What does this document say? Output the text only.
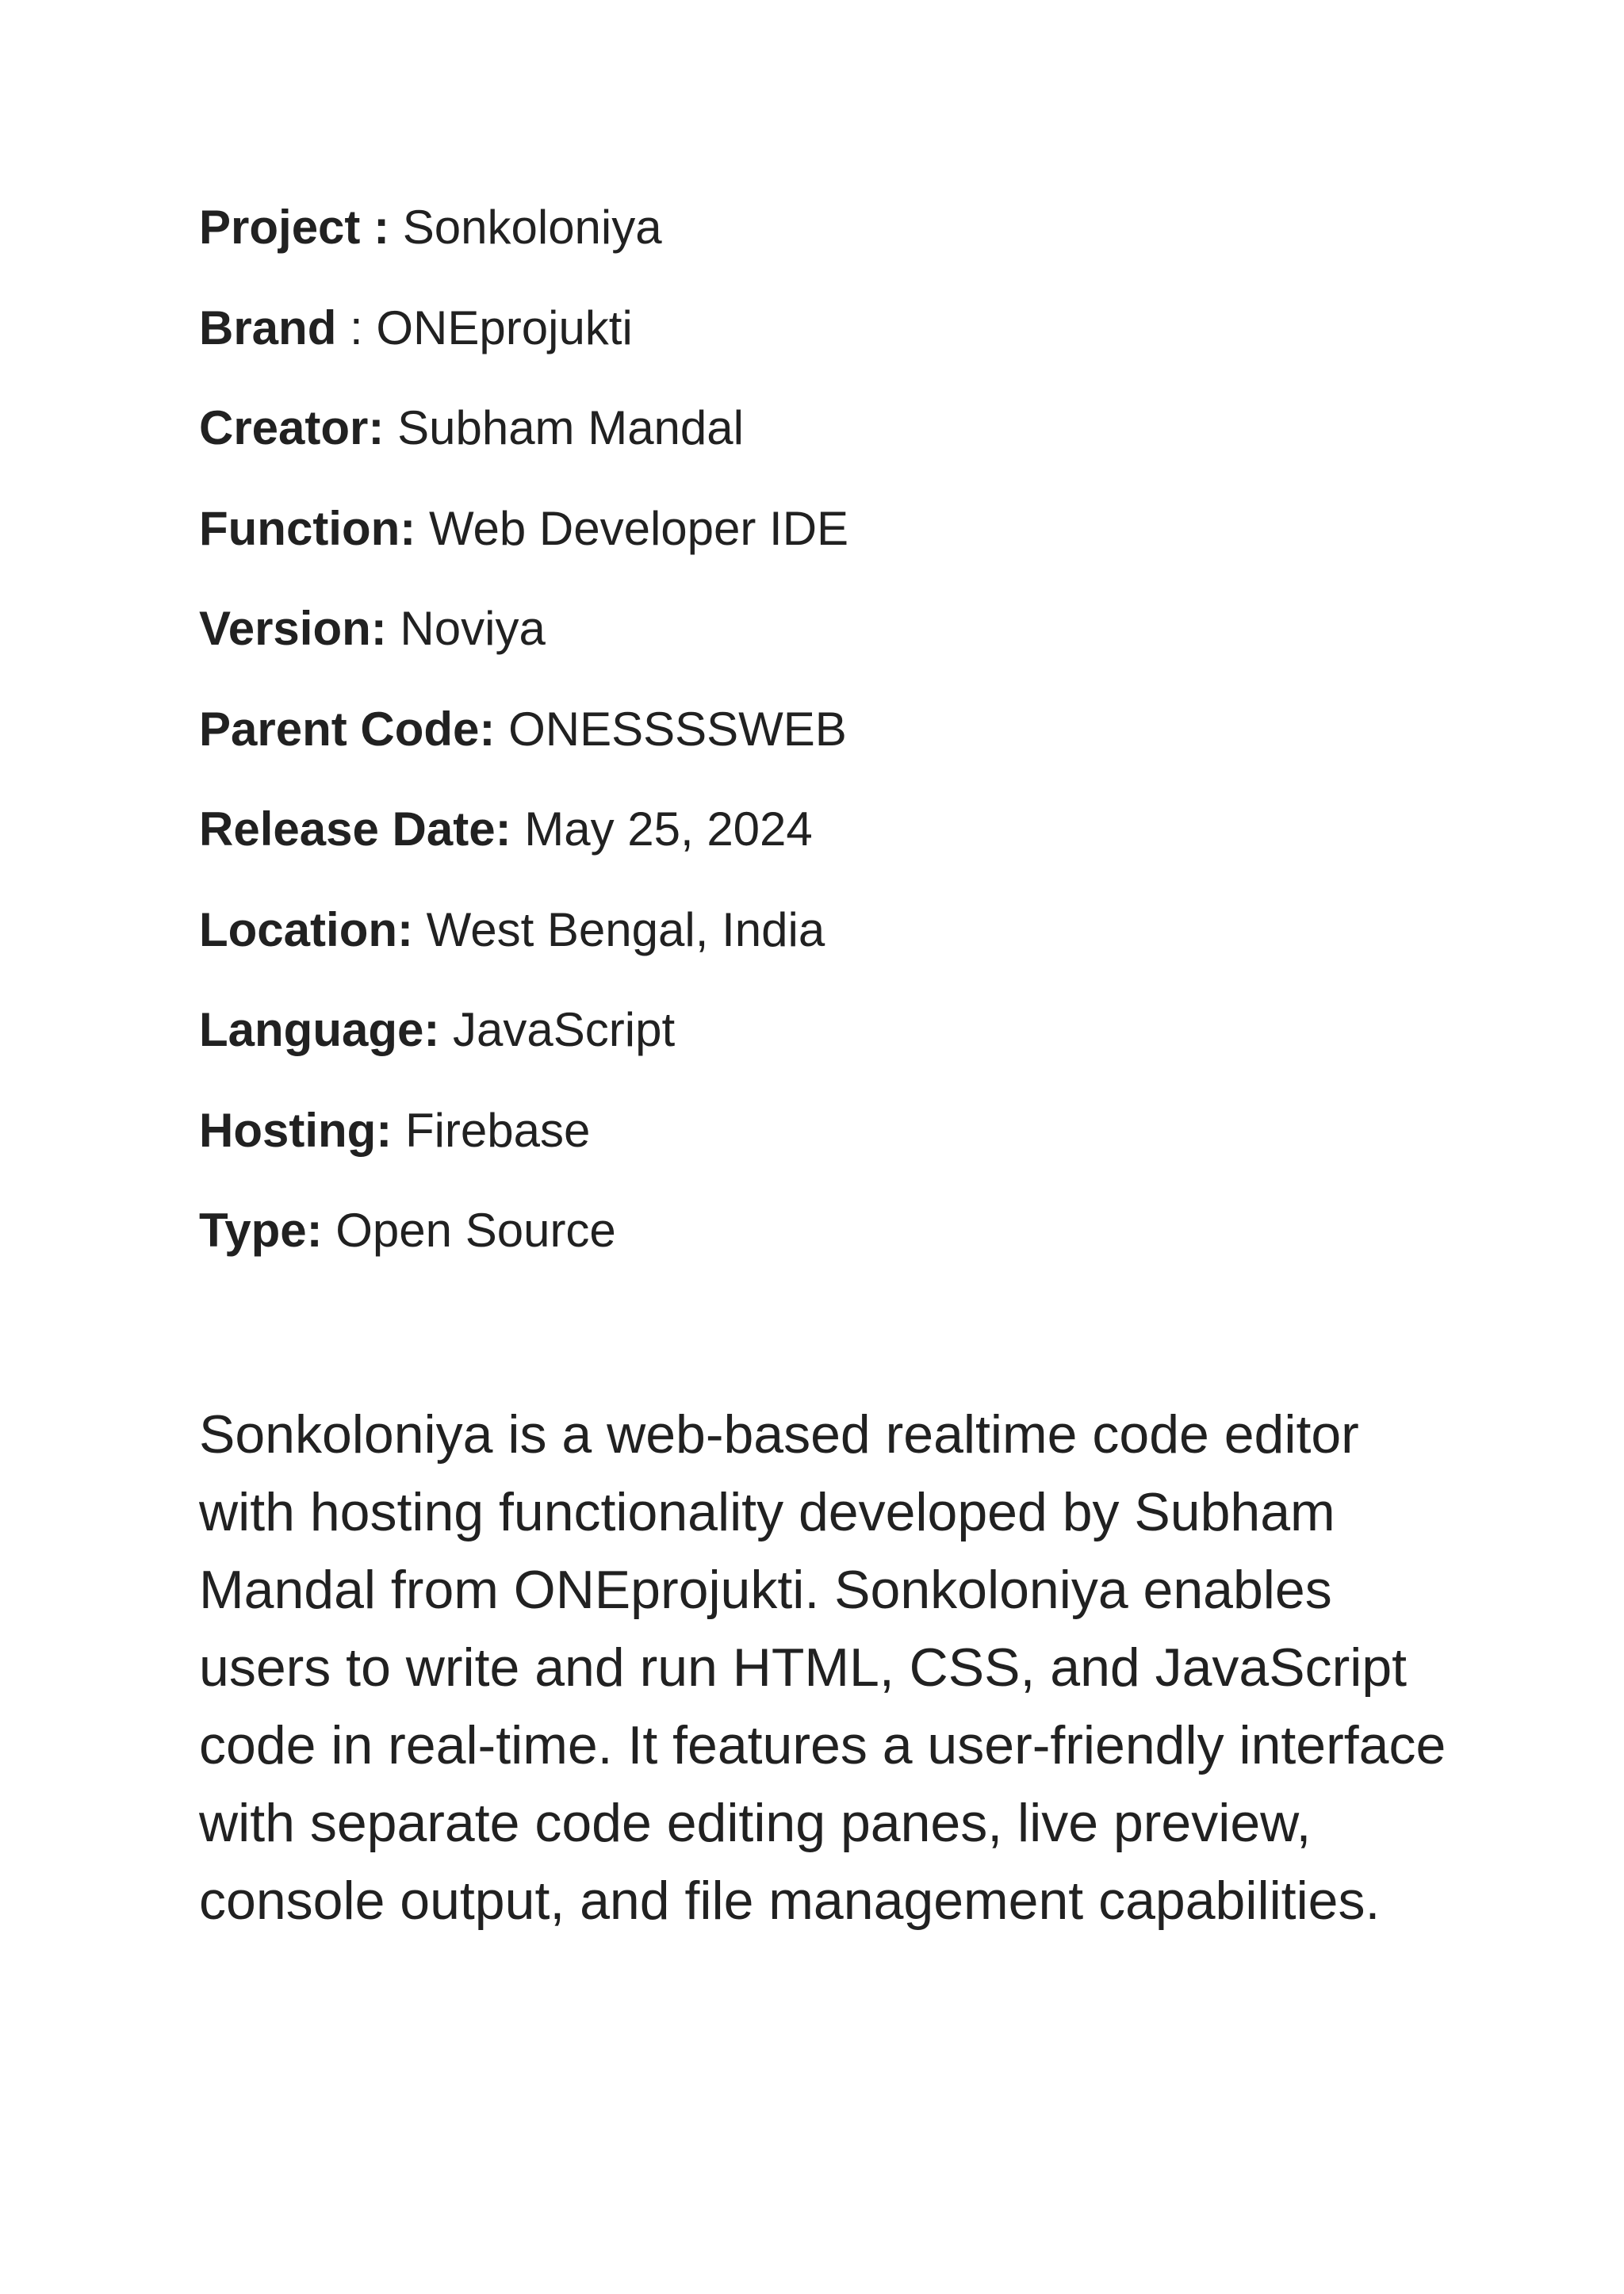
Project : Sonkoloniya
Brand : ONEprojukti
Creator: Subham Mandal
Function: Web Developer IDE
Version: Noviya
Parent Code: ONESSSSWEB
Release Date: May 25, 2024
Location: West Bengal, India
Language: JavaScript
Hosting: Firebase
Type: Open Source

Sonkoloniya is a web-based realtime code editor with hosting functionality developed by Subham Mandal from ONEprojukti. Sonkoloniya enables users to write and run HTML, CSS, and JavaScript code in real-time. It features a user-friendly interface with separate code editing panes, live preview, console output, and file management capabilities.
